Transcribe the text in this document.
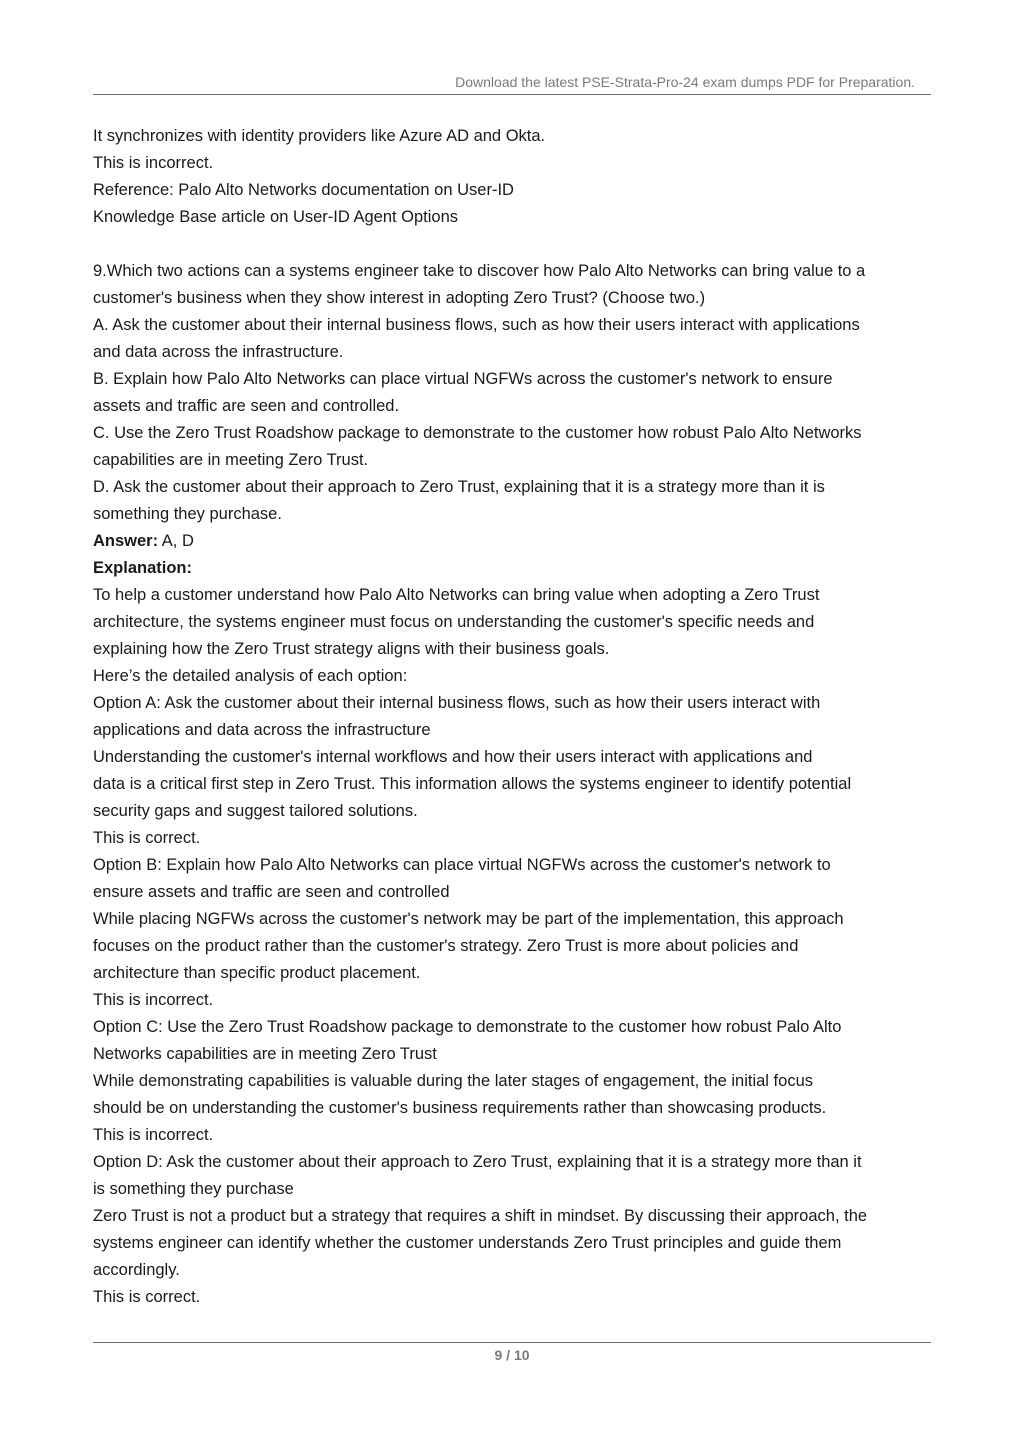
Download the latest PSE-Strata-Pro-24 exam dumps PDF for Preparation.
It synchronizes with identity providers like Azure AD and Okta.
This is incorrect.
Reference: Palo Alto Networks documentation on User-ID
Knowledge Base article on User-ID Agent Options
9.Which two actions can a systems engineer take to discover how Palo Alto Networks can bring value to a
customer's business when they show interest in adopting Zero Trust? (Choose two.)
A. Ask the customer about their internal business flows, such as how their users interact with applications
and data across the infrastructure.
B. Explain how Palo Alto Networks can place virtual NGFWs across the customer's network to ensure
assets and traffic are seen and controlled.
C. Use the Zero Trust Roadshow package to demonstrate to the customer how robust Palo Alto Networks
capabilities are in meeting Zero Trust.
D. Ask the customer about their approach to Zero Trust, explaining that it is a strategy more than it is
something they purchase.
Answer: A, D
Explanation:
To help a customer understand how Palo Alto Networks can bring value when adopting a Zero Trust
architecture, the systems engineer must focus on understanding the customer's specific needs and
explaining how the Zero Trust strategy aligns with their business goals.
Here’s the detailed analysis of each option:
Option A: Ask the customer about their internal business flows, such as how their users interact with
applications and data across the infrastructure
Understanding the customer's internal workflows and how their users interact with applications and
data is a critical first step in Zero Trust. This information allows the systems engineer to identify potential
security gaps and suggest tailored solutions.
This is correct.
Option B: Explain how Palo Alto Networks can place virtual NGFWs across the customer's network to
ensure assets and traffic are seen and controlled
While placing NGFWs across the customer's network may be part of the implementation, this approach
focuses on the product rather than the customer's strategy. Zero Trust is more about policies and
architecture than specific product placement.
This is incorrect.
Option C: Use the Zero Trust Roadshow package to demonstrate to the customer how robust Palo Alto
Networks capabilities are in meeting Zero Trust
While demonstrating capabilities is valuable during the later stages of engagement, the initial focus
should be on understanding the customer's business requirements rather than showcasing products.
This is incorrect.
Option D: Ask the customer about their approach to Zero Trust, explaining that it is a strategy more than it
is something they purchase
Zero Trust is not a product but a strategy that requires a shift in mindset. By discussing their approach, the
systems engineer can identify whether the customer understands Zero Trust principles and guide them
accordingly.
This is correct.
9 / 10
